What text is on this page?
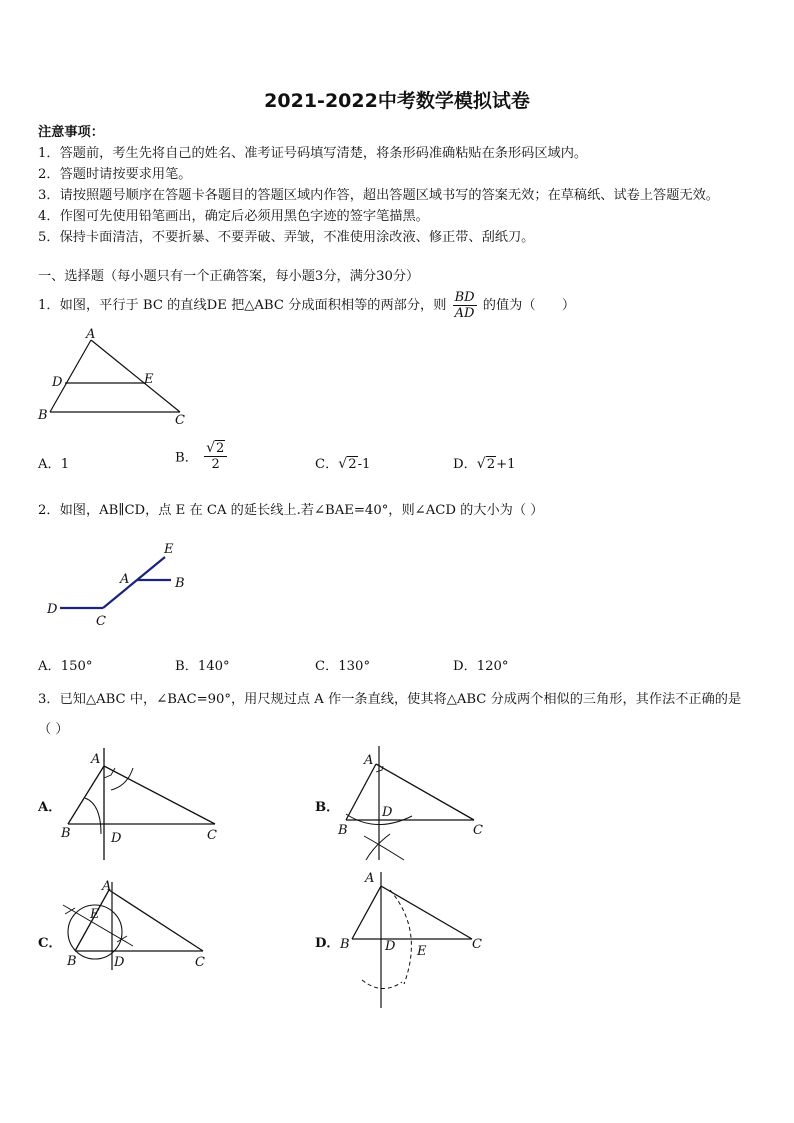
2021-2022中考数学模拟试卷
注意事项：
1．答题前，考生先将自己的姓名、准考证号码填写清楚，将条形码准确粘贴在条形码区域内。
2．答题时请按要求用笔。
3．请按照题号顺序在答题卡各题目的答题区域内作答，超出答题区域书写的答案无效；在草稿纸、试卷上答题无效。
4．作图可先使用铅笔画出，确定后必须用黑色字迹的签字笔描黑。
5．保持卡面清洁，不要折暴、不要弄破、弄皱，不准使用涂改液、修正带、刮纸刀。
一、选择题（每小题只有一个正确答案，每小题3分，满分30分）
1．如图，平行于 BC 的直线DE 把△ABC 分成面积相等的两部分，则 $\frac{BD}{AD}$ 的值为（　　）
A
D	E
B	C
A．1	B． $\frac{√2}{2}$	C．√2-1	D．√2+1
2．如图，AB∥CD，点 E 在 CA 的延长线上.若∠BAE=40°，则∠ACD 的大小为（ ）
E
A	B
D
C
A．150°	B．140°	C．130°	D．120°
3．已知△ABC 中，∠BAC=90°，用尺规过点 A 作一条直线，使其将△ABC 分成两个相似的三角形，其作法不正确的是
（ ）
A．
A
B	D	C
B．
A
D
B	C
C．
E
A
B	D	C
D．
A
B	D E	C
